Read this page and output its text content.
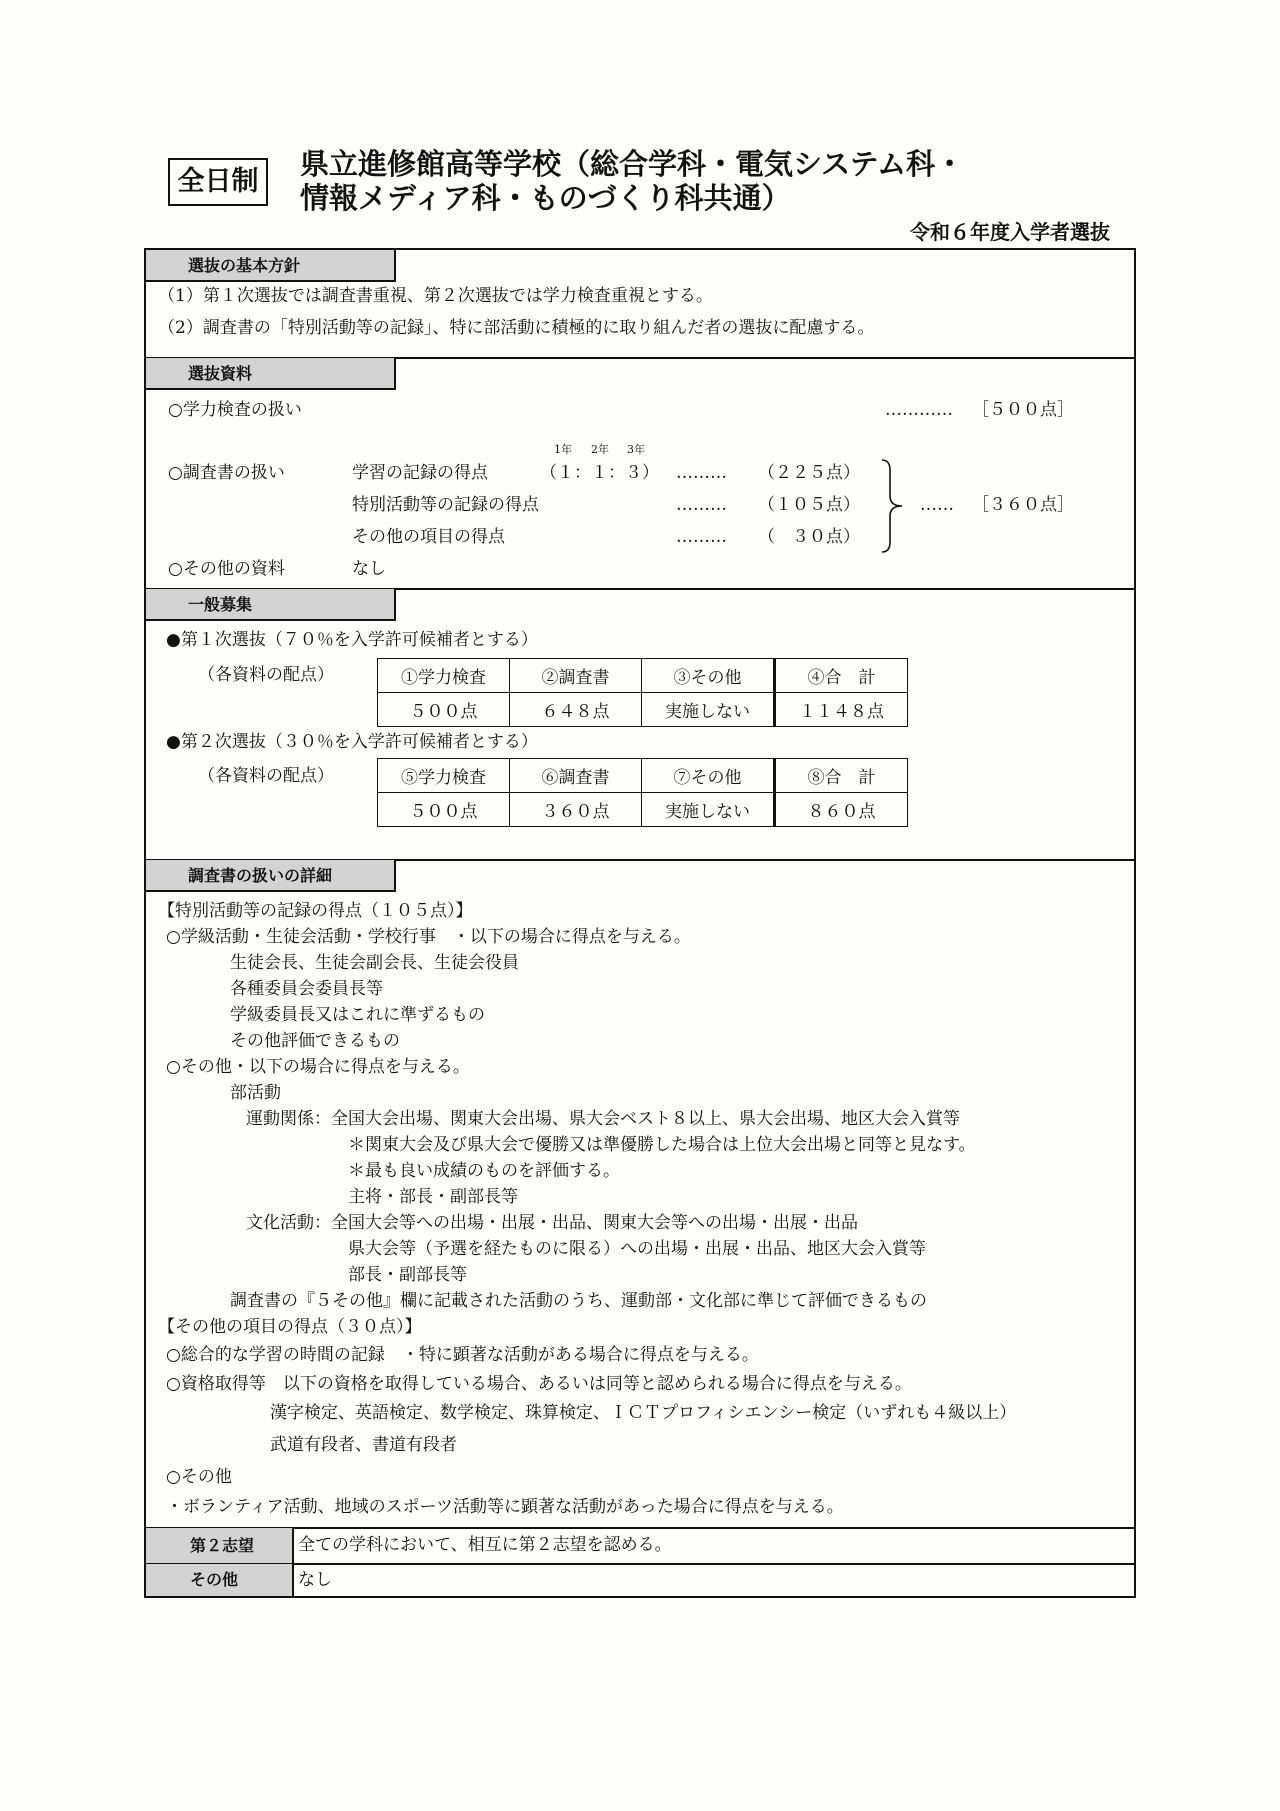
全日制
県立進修館高等学校（総合学科・電気システム科・
情報メディア科・ものづくり科共通）
令和６年度入学者選抜
選抜の基本方針
（1）第１次選抜では調査書重視、第２次選抜では学力検査重視とする。
（2）調査書の「特別活動等の記録」、特に部活動に積極的に取り組んだ者の選抜に配慮する。
選抜資料
○学力検査の扱い	………… ［５００点］
1年 2年 3年
○調査書の扱い	学習の記録の得点	（１：１：３） ……… （２２５点）
特別活動等の記録の得点	……… （１０５点）
その他の項目の得点	……… （　３０点）
…… ［３６０点］
○その他の資料	なし
一般募集
●第１次選抜（７０％を入学許可候補者とする）
（各資料の配点）	①学力検査	②調査書	③その他	④合　計
５００点	６４８点	実施しない	１１４８点
●第２次選抜（３０％を入学許可候補者とする）
（各資料の配点）	⑤学力検査	⑥調査書	⑦その他	⑧合　計
５００点	３６０点	実施しない	８６０点
調査書の扱いの詳細
【特別活動等の記録の得点（１０５点）】
○学級活動・生徒会活動・学校行事　・以下の場合に得点を与える。
生徒会長、生徒会副会長、生徒会役員
各種委員会委員長等
学級委員長又はこれに準ずるもの
その他評価できるもの
○その他・以下の場合に得点を与える。
部活動
運動関係：全国大会出場、関東大会出場、県大会ベスト８以上、県大会出場、地区大会入賞等
＊関東大会及び県大会で優勝又は準優勝した場合は上位大会出場と同等と見なす。
＊最も良い成績のものを評価する。
主将・部長・副部長等
文化活動：全国大会等への出場・出展・出品、関東大会等への出場・出展・出品
県大会等（予選を経たものに限る）への出場・出展・出品、地区大会入賞等
部長・副部長等
調査書の『５その他』欄に記載された活動のうち、運動部・文化部に準じて評価できるもの
【その他の項目の得点（３０点）】
○総合的な学習の時間の記録　・特に顕著な活動がある場合に得点を与える。
○資格取得等　以下の資格を取得している場合、あるいは同等と認められる場合に得点を与える。
漢字検定、英語検定、数学検定、珠算検定、ＩＣＴプロフィシエンシー検定（いずれも４級以上）
武道有段者、書道有段者
○その他
・ボランティア活動、地域のスポーツ活動等に顕著な活動があった場合に得点を与える。
第２志望	全ての学科において、相互に第２志望を認める。
その他	なし
